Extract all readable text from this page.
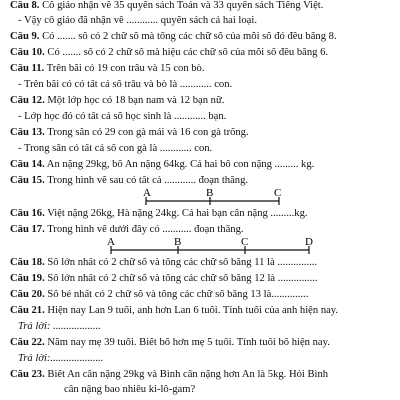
Câu 8. Cô giáo nhận về 35 quyển sách Toán và 33 quyển sách Tiếng Việt.
- Vậy cô giáo đã nhận về ............ quyển sách cả hai loại.
Câu 9. Có ....... số có 2 chữ số mà tổng các chữ số của mỗi số đó đều bằng 8.
Câu 10. Có ....... số có 2 chữ số mà hiệu các chữ số của mỗi số đều bằng 6.
Câu 11. Trên bãi có 19 con trâu và 15 con bò.
- Trên bãi có có tất cả số trâu và bò là ............ con.
Câu 12. Một lớp học có 18 bạn nam và 12 bạn nữ.
- Lớp học đó có tất cả số học sinh là ............ bạn.
Câu 13. Trong sân có 29 con gà mái và 16 con gà trống.
- Trong sân có tất cả số con gà là ............ con.
Câu 14. An nặng 29kg, bố An nặng 64kg. Cả hai bố con nặng ......... kg.
Câu 15. Trong hình vẽ sau có tất cả ............ đoạn thẳng.
A	B	C
Câu 16. Việt nặng 26kg, Hà nặng 24kg. Cả hai bạn cân nặng .........kg.
Câu 17. Trong hình vẽ dưới đây có ........... đoạn thẳng.
A	B	C	D
Câu 18. Số lớn nhất có 2 chữ số và tổng các chữ số bằng 11 là ...............
Câu 19. Số lớn nhất có 2 chữ số và tổng các chữ số bằng 12 là ...............
Câu 20. Số bé nhất có 2 chữ số và tổng các chữ số bằng 13 là..............
Câu 21. Hiện nay Lan 9 tuổi, anh hơn Lan 6 tuổi. Tính tuổi của anh hiện nay.
Trả lời: ..................
Câu 22. Năm nay mẹ 39 tuổi. Biết bố hơn mẹ 5 tuổi. Tính tuổi bố hiện nay.
Trả lời:....................
Câu 23. Biết An cân nặng 29kg và Bình cân nặng hơn An là 5kg. Hỏi Bình
cân nặng bao nhiêu ki-lô-gam?
